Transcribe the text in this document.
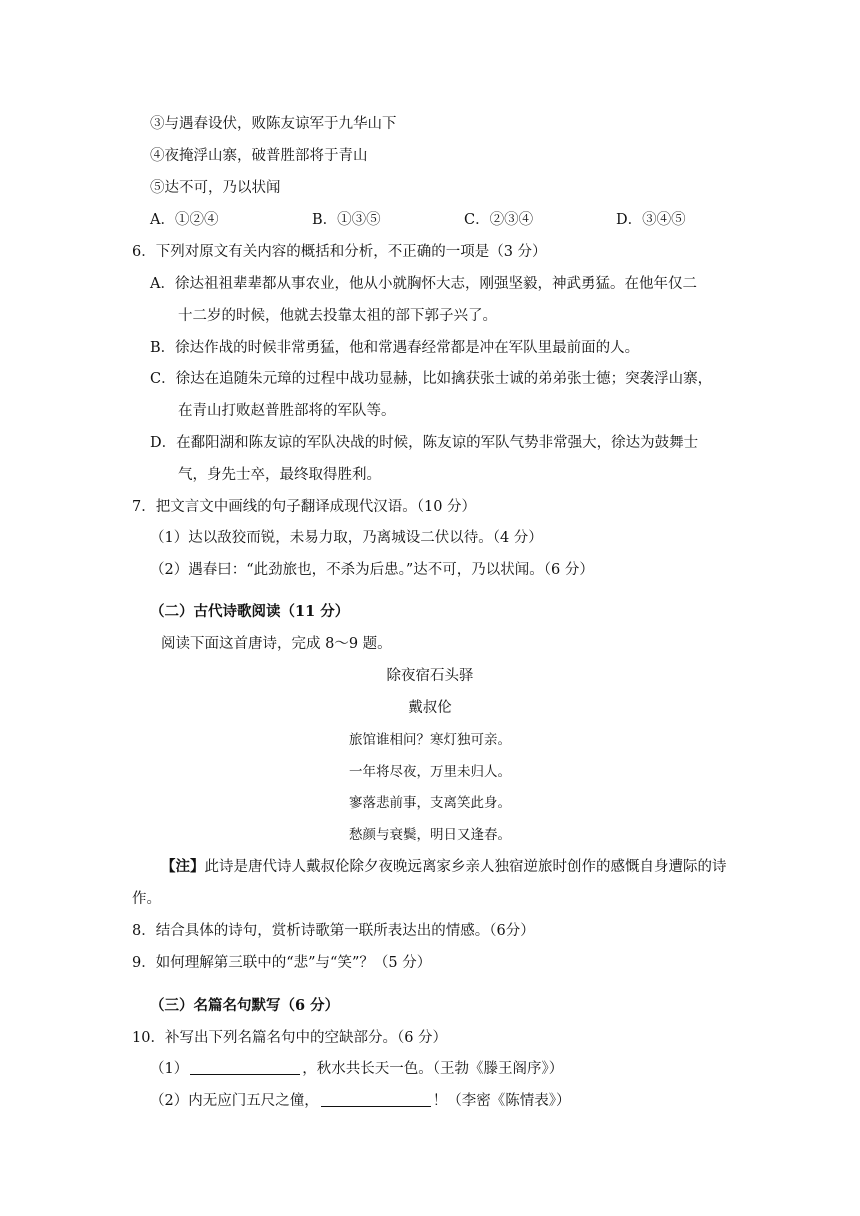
③与遇春设伏，败陈友谅军于九华山下
④夜掩浮山寨，破普胜部将于青山
⑤达不可，乃以状闻
A．①②④	B．①③⑤	C．②③④	D．③④⑤
6．下列对原文有关内容的概括和分析，不正确的一项是（3 分）
A．徐达祖祖辈辈都从事农业，他从小就胸怀大志，刚强坚毅，神武勇猛。在他年仅二
十二岁的时候，他就去投靠太祖的部下郭子兴了。
B．徐达作战的时候非常勇猛，他和常遇春经常都是冲在军队里最前面的人。
C．徐达在追随朱元璋的过程中战功显赫，比如擒获张士诚的弟弟张士德；突袭浮山寨，
在青山打败赵普胜部将的军队等。
D．在鄱阳湖和陈友谅的军队决战的时候，陈友谅的军队气势非常强大，徐达为鼓舞士
气，身先士卒，最终取得胜利。
7．把文言文中画线的句子翻译成现代汉语。（10 分）
（1）达以敌狡而锐，未易力取，乃离城设二伏以待。（4 分）
（2）遇春曰：“此劲旅也，不杀为后患。”达不可，乃以状闻。（6 分）
（二）古代诗歌阅读（11 分）
阅读下面这首唐诗，完成 8～9 题。
除夜宿石头驿
戴叔伦
旅馆谁相问？寒灯独可亲。
一年将尽夜，万里未归人。
寥落悲前事，支离笑此身。
愁颜与衰鬓，明日又逢春。
【注】此诗是唐代诗人戴叔伦除夕夜晚远离家乡亲人独宿逆旅时创作的感慨自身遭际的诗
作。
8．结合具体的诗句，赏析诗歌第一联所表达出的情感。（6分）
9．如何理解第三联中的“悲”与“笑”？（5 分）
（三）名篇名句默写（6 分）
10．补写出下列名篇名句中的空缺部分。（6 分）
（1）	，秋水共长天一色。（王勃《滕王阁序》）
（2）内无应门五尺之僮，	！（李密《陈情表》）
